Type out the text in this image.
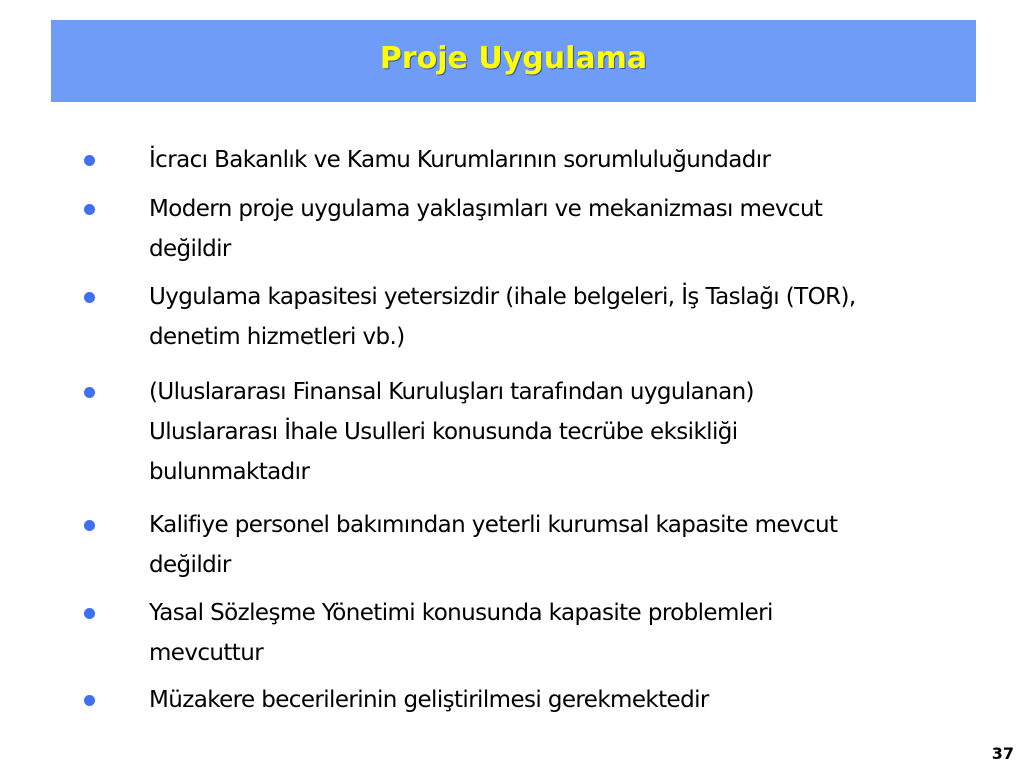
Proje Uygulama
İcracı Bakanlık ve Kamu Kurumlarının sorumluluğundadır
Modern proje uygulama yaklaşımları ve mekanizması mevcut
değildir
Uygulama kapasitesi yetersizdir (ihale belgeleri, İş Taslağı (TOR),
denetim hizmetleri vb.)
(Uluslararası Finansal Kuruluşları tarafından uygulanan)
Uluslararası İhale Usulleri konusunda tecrübe eksikliği
bulunmaktadır
Kalifiye personel bakımından yeterli kurumsal kapasite mevcut
değildir
Yasal Sözleşme Yönetimi konusunda kapasite problemleri
mevcuttur
Müzakere becerilerinin geliştirilmesi gerekmektedir
37
